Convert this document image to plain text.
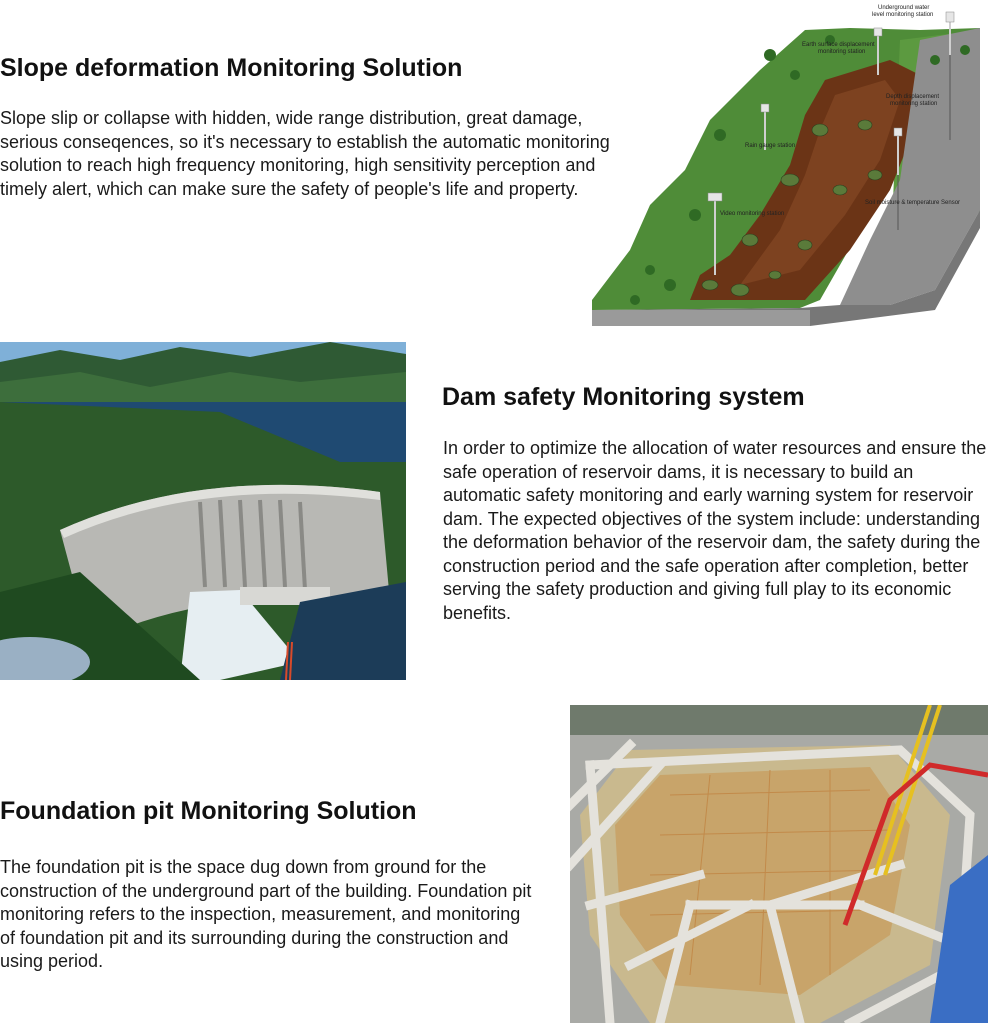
Slope deformation Monitoring Solution

Slope slip or collapse with hidden, wide range distribution, great damage, serious conseqences, so it's necessary to establish the automatic monitoring solution to reach high frequency monitoring, high sensitivity perception and timely alert, which can make sure the safety of people's life and property.

Underground water
level monitoring station
Earth surface displacement
monitoring station
Depth displacement
monitoring station
Rain gauge station
Video monitoring station
Soil moisture & temperature Sensor
Dam safety Monitoring system

In order to optimize the allocation of water resources and ensure the safe operation of reservoir dams, it is necessary to build an automatic safety monitoring and early warning system for reservoir dam. The expected objectives of the system include: understanding the deformation behavior of the reservoir dam, the safety during the construction period and the safe operation after completion, better serving the safety production and giving full play to its economic benefits.

Foundation pit Monitoring Solution

The foundation pit is the space dug down from ground for the construction of the underground part of the building. Foundation pit monitoring refers to the inspection, measurement, and monitoring of foundation pit and its surrounding during the construction and using period.
